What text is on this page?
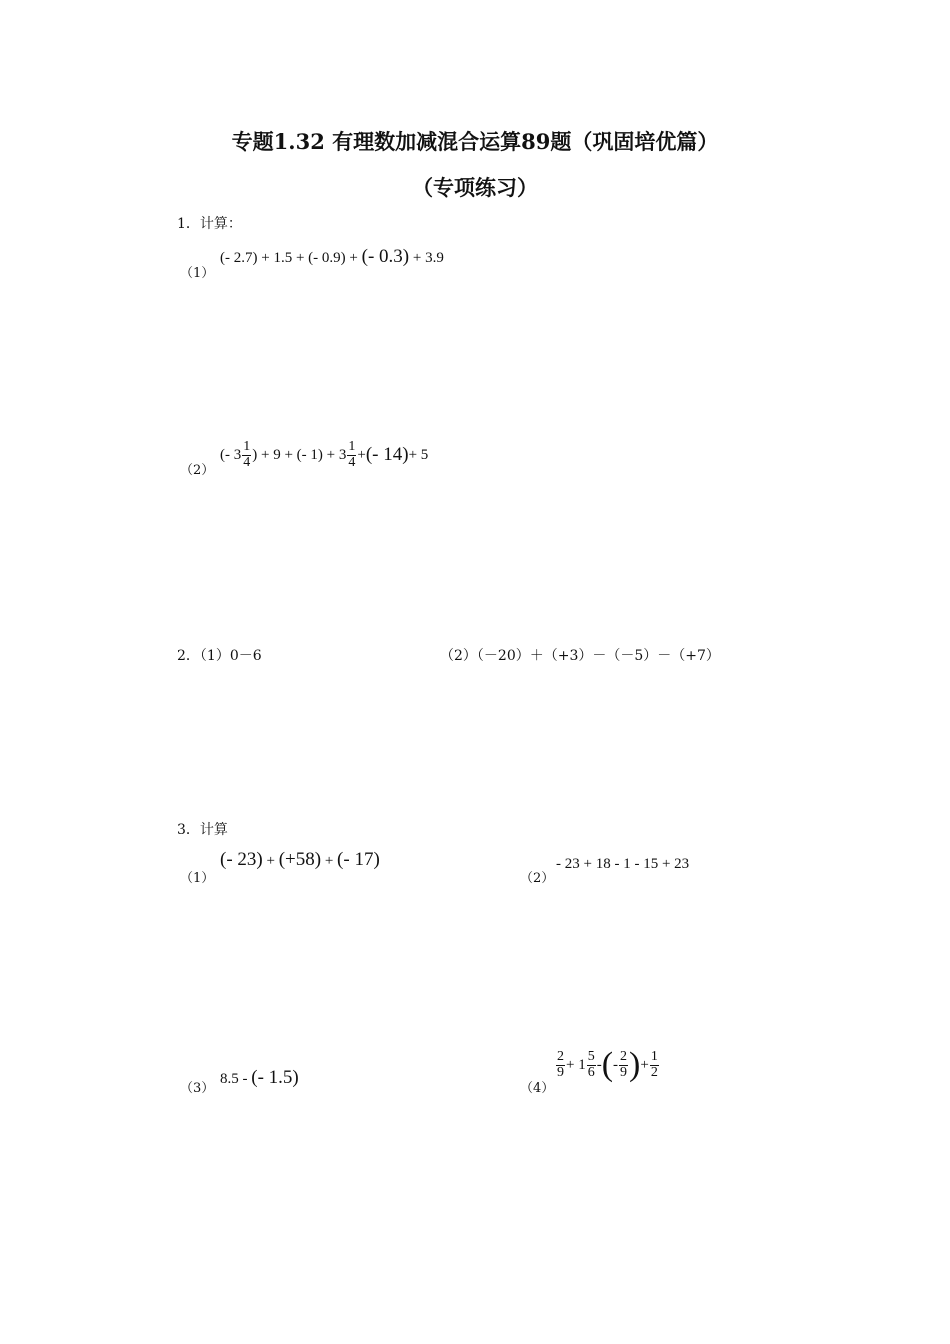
专题1.32 有理数加减混合运算89题（巩固培优篇）
（专项练习）
1．计算：
（1）
(- 2.7) + 1.5 + (- 0.9) + (- 0.3) + 3.9
（2）
(- $3 \frac{1}{4}$ ) + 9 + (- $1) + 3 \frac{1}{4}$ + (- 14) + 5
2．（1）0－6	（2）（－20）＋（+3）－（－5）－（+7）
3．计算
（1）
(- 23) + (+58) + (- 17)
（2）
- 23 + 18 - 1 - 15 + 23
（3）
8.5 - (- 1.5)
（4）
$\frac{2}{9} + 1 \frac{5}{6}$ - ( - $\frac{2}{9}$ ) + $\frac{1}{2}$
